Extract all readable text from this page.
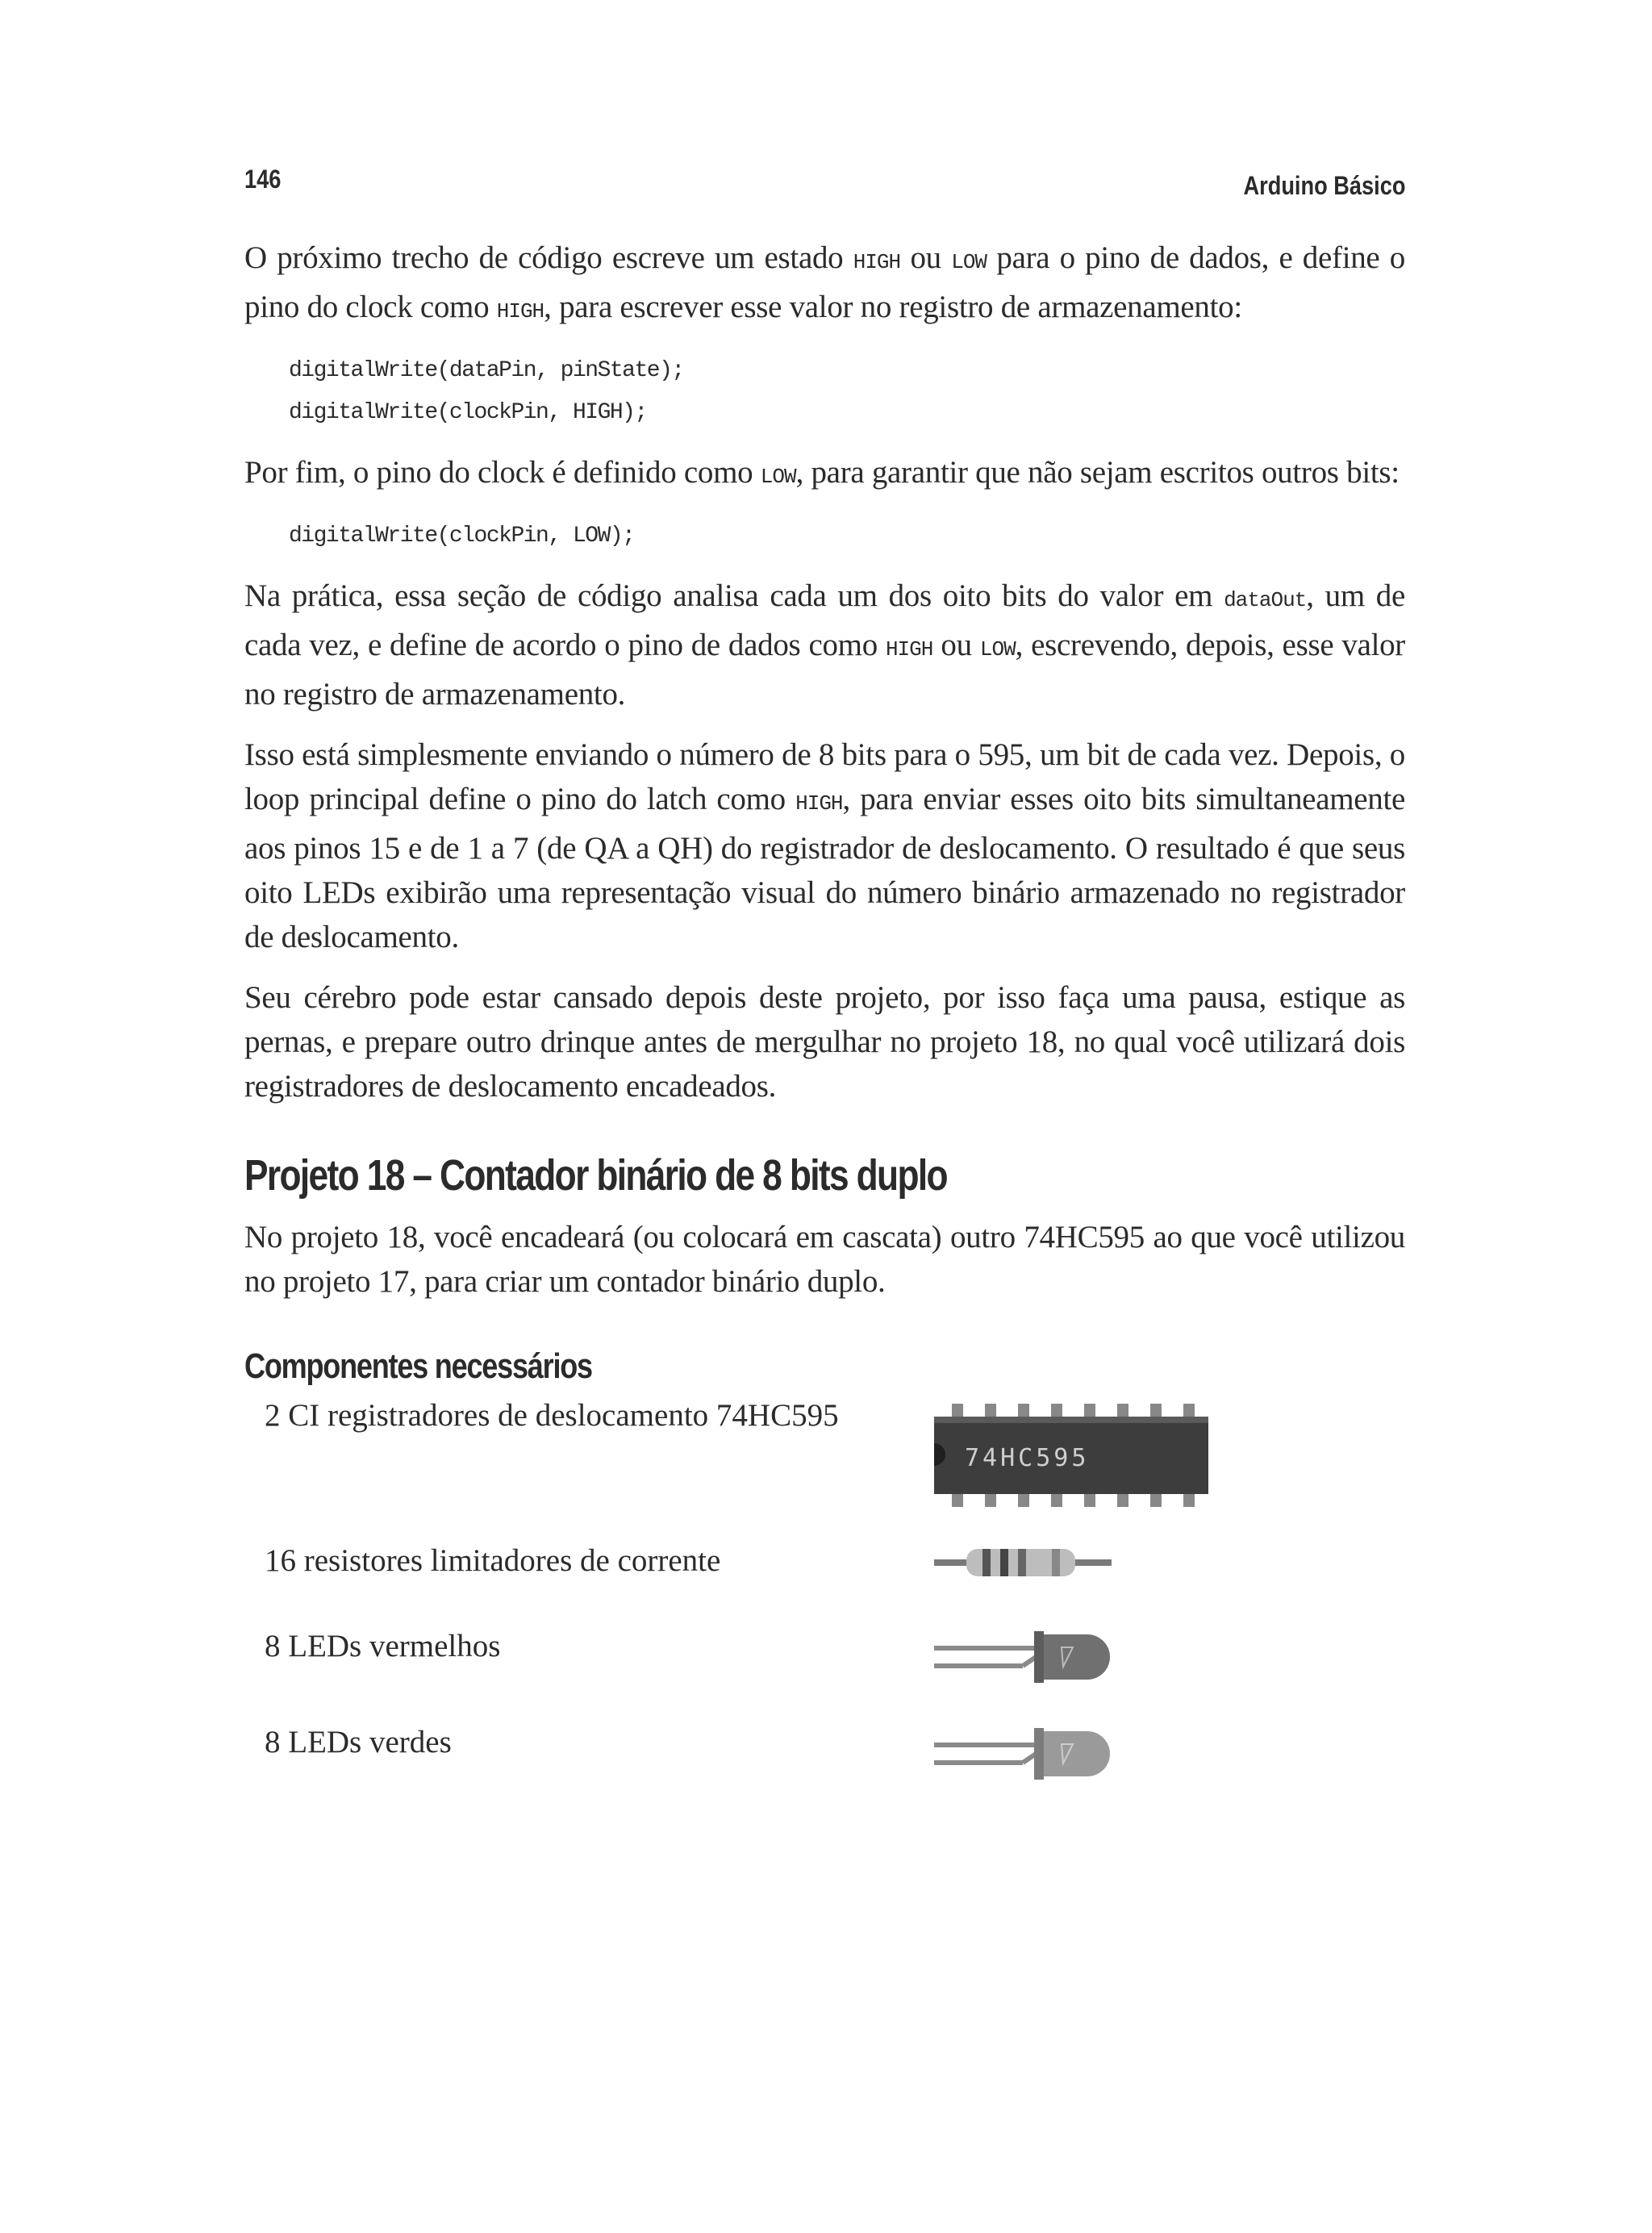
146	Arduino Básico

O próximo trecho de código escreve um estado HIGH ou LOW para o pino de dados, e define o pino do clock como HIGH, para escrever esse valor no registro de armazenamento:

digitalWrite(dataPin, pinState);
digitalWrite(clockPin, HIGH);

Por fim, o pino do clock é definido como LOW, para garantir que não sejam escritos outros bits:

digitalWrite(clockPin, LOW);

Na prática, essa seção de código analisa cada um dos oito bits do valor em dataOut, um de cada vez, e define de acordo o pino de dados como HIGH ou LOW, escrevendo, depois, esse valor no registro de armazenamento.

Isso está simplesmente enviando o número de 8 bits para o 595, um bit de cada vez. Depois, o loop principal define o pino do latch como HIGH, para enviar esses oito bits simultaneamente aos pinos 15 e de 1 a 7 (de QA a QH) do registrador de deslocamento. O resultado é que seus oito LEDs exibirão uma representação visual do número binário armazenado no registrador de deslocamento.

Seu cérebro pode estar cansado depois deste projeto, por isso faça uma pausa, estique as pernas, e prepare outro drinque antes de mergulhar no projeto 18, no qual você utilizará dois registradores de deslocamento encadeados.

Projeto 18 – Contador binário de 8 bits duplo

No projeto 18, você encadeará (ou colocará em cascata) outro 74HC595 ao que você utilizou no projeto 17, para criar um contador binário duplo.

Componentes necessários
2 CI registradores de deslocamento 74HC595
74HC595
16 resistores limitadores de corrente
8 LEDs vermelhos
8 LEDs verdes
